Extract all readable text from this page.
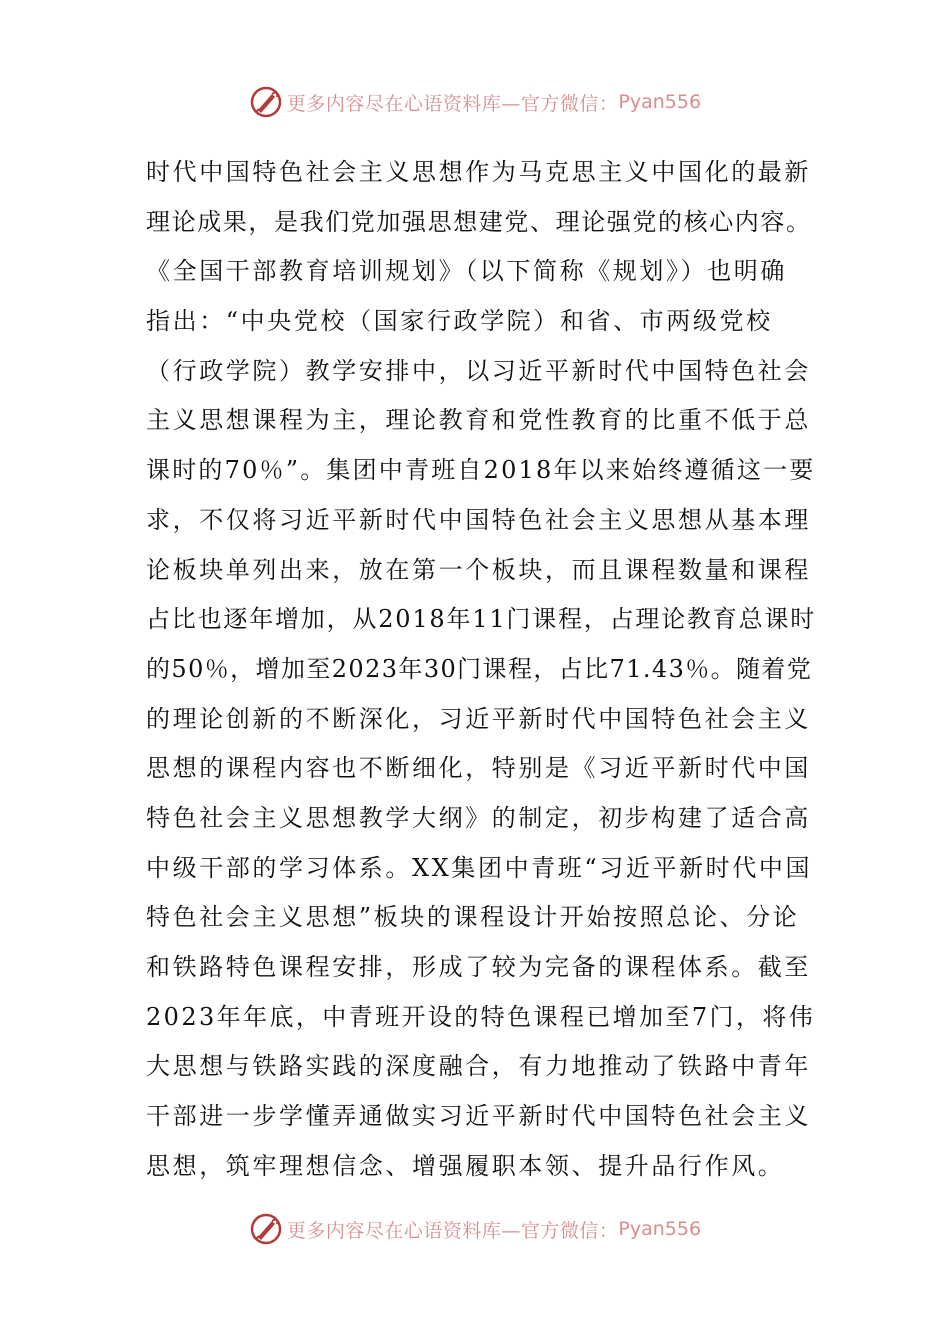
更多内容尽在心语资料库—官方微信： Pyan556
时代中国特色社会主义思想作为马克思主义中国化的最新
理论成果，是我们党加强思想建党、理论强党的核心内容。
《全国干部教育培训规划》（以下简称《规划》）也明确
指出：“中央党校（国家行政学院）和省、市两级党校
（行政学院）教学安排中，以习近平新时代中国特色社会
主义思想课程为主，理论教育和党性教育的比重不低于总
课时的70％”。集团中青班自2018年以来始终遵循这一要
求，不仅将习近平新时代中国特色社会主义思想从基本理
论板块单列出来，放在第一个板块，而且课程数量和课程
占比也逐年增加，从2018年11门课程，占理论教育总课时
的50％，增加至2023年30门课程，占比71.43％。随着党
的理论创新的不断深化，习近平新时代中国特色社会主义
思想的课程内容也不断细化，特别是《习近平新时代中国
特色社会主义思想教学大纲》的制定，初步构建了适合高
中级干部的学习体系。XX集团中青班“习近平新时代中国
特色社会主义思想”板块的课程设计开始按照总论、分论
和铁路特色课程安排，形成了较为完备的课程体系。截至
2023年年底，中青班开设的特色课程已增加至7门，将伟
大思想与铁路实践的深度融合，有力地推动了铁路中青年
干部进一步学懂弄通做实习近平新时代中国特色社会主义
思想，筑牢理想信念、增强履职本领、提升品行作风。
更多内容尽在心语资料库—官方微信： Pyan556
